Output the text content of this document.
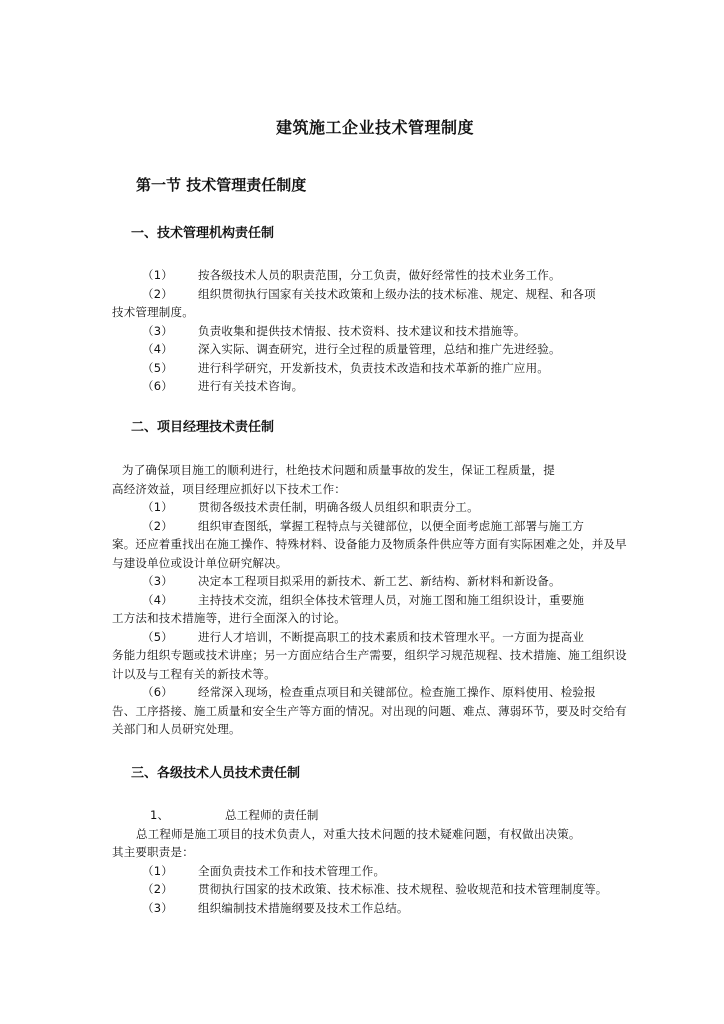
建筑施工企业技术管理制度
第一节 技术管理责任制度
一、技术管理机构责任制
（1） 按各级技术人员的职责范围，分工负责，做好经常性的技术业务工作。
（2） 组织贯彻执行国家有关技术政策和上级办法的技术标准、规定、规程、和各项
技术管理制度。
（3） 负责收集和提供技术情报、技术资料、技术建议和技术措施等。
（4） 深入实际、调查研究，进行全过程的质量管理，总结和推广先进经验。
（5） 进行科学研究，开发新技术，负责技术改造和技术革新的推广应用。
（6） 进行有关技术咨询。
二、项目经理技术责任制
为了确保项目施工的顺利进行，杜绝技术问题和质量事故的发生，保证工程质量，提
高经济效益，项目经理应抓好以下技术工作：
（1） 贯彻各级技术责任制，明确各级人员组织和职责分工。
（2） 组织审查图纸，掌握工程特点与关键部位，以便全面考虑施工部署与施工方
案。还应着重找出在施工操作、特殊材料、设备能力及物质条件供应等方面有实际困难之处，并及早与建设单位或设计单位研究解决。
（3） 决定本工程项目拟采用的新技术、新工艺、新结构、新材料和新设备。
（4） 主持技术交流，组织全体技术管理人员，对施工图和施工组织设计，重要施
工方法和技术措施等，进行全面深入的讨论。
（5） 进行人才培训，不断提高职工的技术素质和技术管理水平。一方面为提高业
务能力组织专题或技术讲座；另一方面应结合生产需要，组织学习规范规程、技术措施、施工组织设计以及与工程有关的新技术等。
（6） 经常深入现场，检查重点项目和关键部位。检查施工操作、原料使用、检验报
告、工序搭接、施工质量和安全生产等方面的情况。对出现的问题、难点、薄弱环节，要及时交给有关部门和人员研究处理。
三、各级技术人员技术责任制
1、	总工程师的责任制
总工程师是施工项目的技术负责人，对重大技术问题的技术疑难问题，有权做出决策。
其主要职责是：
（1） 全面负责技术工作和技术管理工作。
（2） 贯彻执行国家的技术政策、技术标准、技术规程、验收规范和技术管理制度等。
（3） 组织编制技术措施纲要及技术工作总结。
